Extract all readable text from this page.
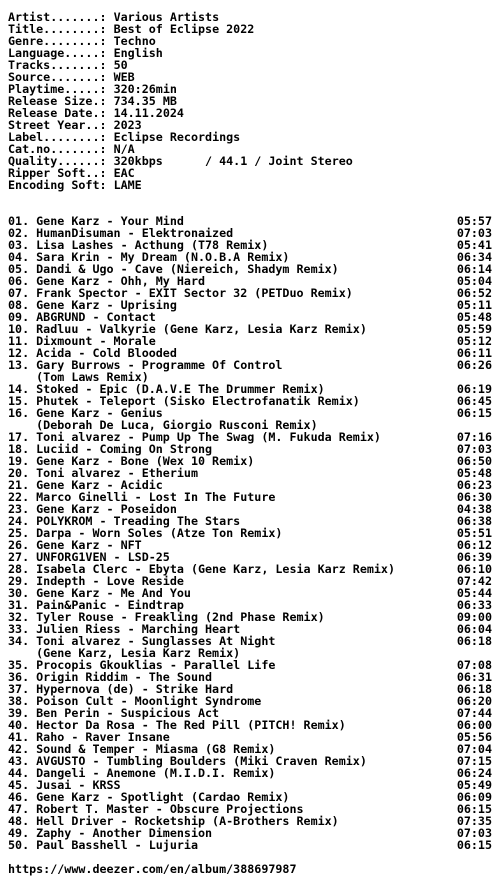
Artist.......: Various Artists
Title........: Best of Eclipse 2022
Genre........: Techno
Language.....: English
Tracks.......: 50
Source.......: WEB
Playtime.....: 320:26min
Release Size.: 734.35 MB
Release Date.: 14.11.2024
Street Year..: 2023
Label........: Eclipse Recordings
Cat.no.......: N/A
Quality......: 320kbps      / 44.1 / Joint Stereo
Ripper Soft..: EAC
Encoding Soft: LAME
01. Gene Karz - Your Mind	05:57
02. HumanDisuman - Elektronaized	07:03
03. Lisa Lashes - Acthung (T78 Remix)	05:41
04. Sara Krin - My Dream (N.O.B.A Remix)	06:34
05. Dandi & Ugo - Cave (Niereich, Shadym Remix)	06:14
06. Gene Karz - Ohh, My Hard	05:04
07. Frank Spector - EXIT Sector 32 (PETDuo Remix)	06:52
08. Gene Karz - Uprising	05:11
09. ABGRUND - Contact	05:48
10. Radluu - Valkyrie (Gene Karz, Lesia Karz Remix)	05:59
11. Dixmount - Morale	05:12
12. Acida - Cold Blooded	06:11
13. Gary Burrows - Programme Of Control	06:26
(Tom Laws Remix)
14. Stoked - Epic (D.A.V.E The Drummer Remix)	06:19
15. Phutek - Teleport (Sisko Electrofanatik Remix)	06:45
16. Gene Karz - Genius	06:15
(Deborah De Luca, Giorgio Rusconi Remix)
17. Toni alvarez - Pump Up The Swag (M. Fukuda Remix)	07:16
18. Luciid - Coming On Strong	07:03
19. Gene Karz - Bone (Wex 10 Remix)	06:50
20. Toni alvarez - Etherium	05:48
21. Gene Karz - Acidic	06:23
22. Marco Ginelli - Lost In The Future	06:30
23. Gene Karz - Poseidon	04:38
24. POLYKROM - Treading The Stars	06:38
25. Darpa - Worn Soles (Atze Ton Remix)	05:51
26. Gene Karz - NFT	06:12
27. UNFORG1VEN - LSD-25	06:39
28. Isabela Clerc - Ebyta (Gene Karz, Lesia Karz Remix)	06:10
29. Indepth - Love Reside	07:42
30. Gene Karz - Me And You	05:44
31. Pain&Panic - Eindtrap	06:33
32. Tyler Rouse - Freakling (2nd Phase Remix)	09:00
33. Julien Riess - Marching Heart	06:04
34. Toni alvarez - Sunglasses At Night	06:18
(Gene Karz, Lesia Karz Remix)
35. Procopis Gkouklias - Parallel Life	07:08
36. Origin Riddim - The Sound	06:31
37. Hypernova (de) - Strike Hard	06:18
38. Poison Cult - Moonlight Syndrome	06:20
39. Ben Perin - Suspicious Act	07:44
40. Hector Da Rosa - The Red Pill (PITCH! Remix)	06:00
41. Raho - Raver Insane	05:56
42. Sound & Temper - Miasma (G8 Remix)	07:04
43. AVGUSTO - Tumbling Boulders (Miki Craven Remix)	07:15
44. Dangeli - Anemone (M.I.D.I. Remix)	06:24
45. Jusai - KRSS	05:49
46. Gene Karz - Spotlight (Cardao Remix)	06:09
47. Robert T. Master - Obscure Projections	06:15
48. Hell Driver - Rocketship (A-Brothers Remix)	07:35
49. Zaphy - Another Dimension	07:03
50. Paul Basshell - Lujuria	06:15
https://www.deezer.com/en/album/388697987
